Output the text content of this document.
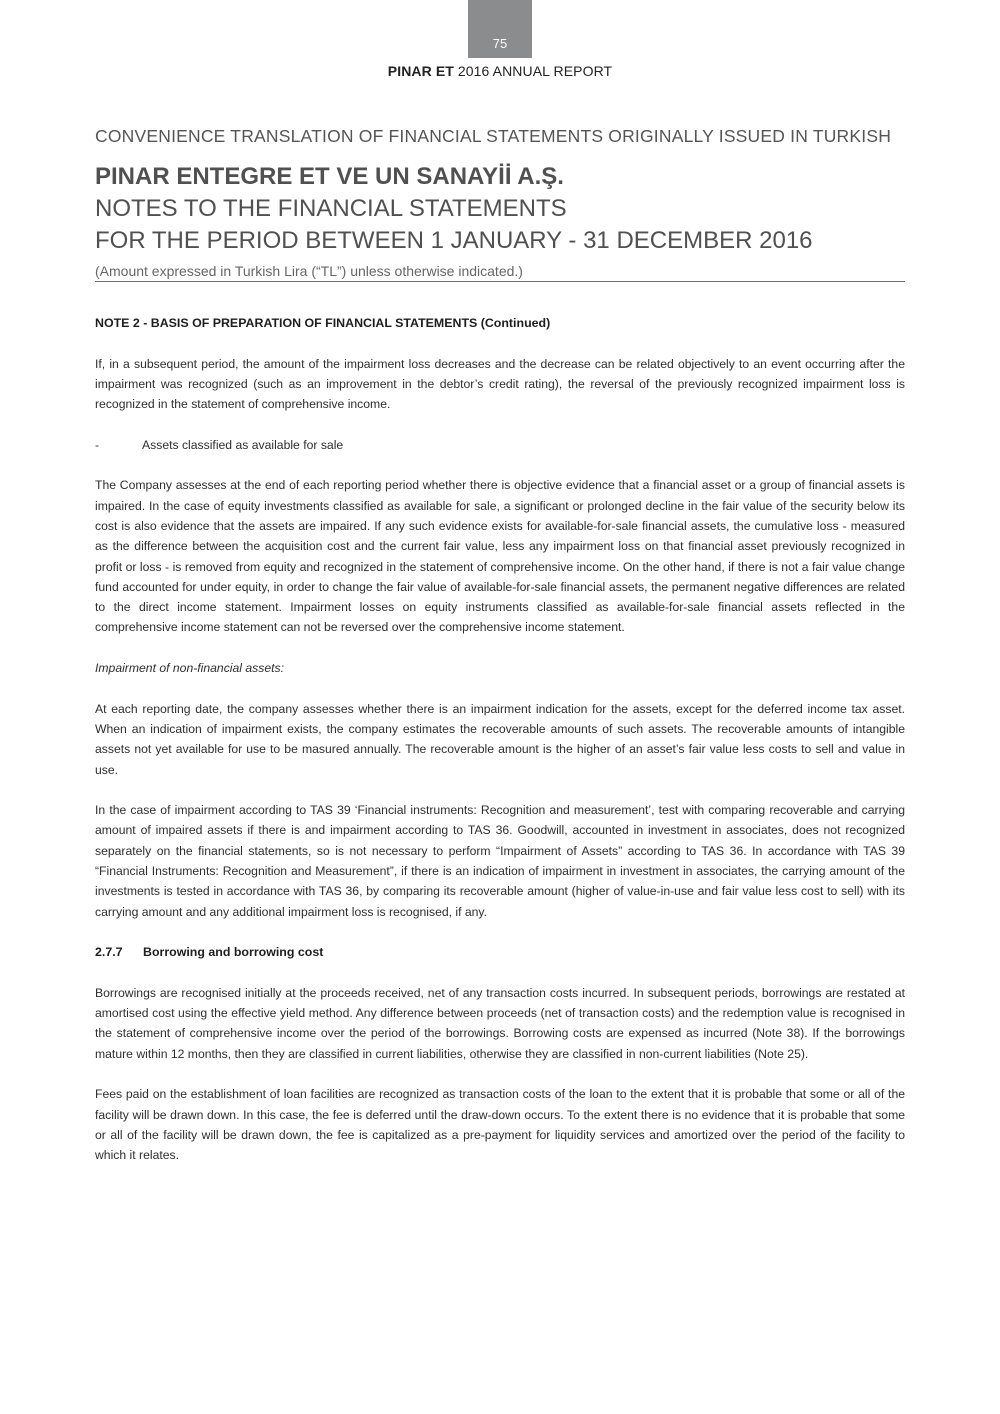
75
PINAR ET 2016 ANNUAL REPORT
CONVENIENCE TRANSLATION OF FINANCIAL STATEMENTS ORIGINALLY ISSUED IN TURKISH
PINAR ENTEGRE ET VE UN SANAYİİ A.Ş.
NOTES TO THE FINANCIAL STATEMENTS
FOR THE PERIOD BETWEEN 1 JANUARY - 31 DECEMBER 2016
(Amount expressed in Turkish Lira (“TL”) unless otherwise indicated.)

NOTE 2 - BASIS OF PREPARATION OF FINANCIAL STATEMENTS (Continued)

If, in a subsequent period, the amount of the impairment loss decreases and the decrease can be related objectively to an event occurring after the impairment was recognized (such as an improvement in the debtor’s credit rating), the reversal of the previously recognized impairment loss is recognized in the statement of comprehensive income.

-	Assets classified as available for sale

The Company assesses at the end of each reporting period whether there is objective evidence that a financial asset or a group of financial assets is impaired. In the case of equity investments classified as available for sale, a significant or prolonged decline in the fair value of the security below its cost is also evidence that the assets are impaired. If any such evidence exists for available-for-sale financial assets, the cumulative loss - measured as the difference between the acquisition cost and the current fair value, less any impairment loss on that financial asset previously recognized in profit or loss - is removed from equity and recognized in the statement of comprehensive income. On the other hand, if there is not a fair value change fund accounted for under equity, in order to change the fair value of available-for-sale financial assets, the permanent negative differences are related to the direct income statement. Impairment losses on equity instruments classified as available-for-sale financial assets reflected in the comprehensive income statement can not be reversed over the comprehensive income statement.

Impairment of non-financial assets:

At each reporting date, the company assesses whether there is an impairment indication for the assets, except for the deferred income tax asset. When an indication of impairment exists, the company estimates the recoverable amounts of such assets. The recoverable amounts of intangible assets not yet available for use to be masured annually. The recoverable amount is the higher of an asset’s fair value less costs to sell and value in use.

In the case of impairment according to TAS 39 ‘Financial instruments: Recognition and measurement’, test with comparing recoverable and carrying amount of impaired assets if there is and impairment according to TAS 36. Goodwill, accounted in investment in associates, does not recognized separately on the financial statements, so is not necessary to perform “Impairment of Assets” according to TAS 36. In accordance with TAS 39 “Financial Instruments: Recognition and Measurement”, if there is an indication of impairment in investment in associates, the carrying amount of the investments is tested in accordance with TAS 36, by comparing its recoverable amount (higher of value-in-use and fair value less cost to sell) with its carrying amount and any additional impairment loss is recognised, if any.

2.7.7 Borrowing and borrowing cost

Borrowings are recognised initially at the proceeds received, net of any transaction costs incurred. In subsequent periods, borrowings are restated at amortised cost using the effective yield method. Any difference between proceeds (net of transaction costs) and the redemption value is recognised in the statement of comprehensive income over the period of the borrowings. Borrowing costs are expensed as incurred (Note 38). If the borrowings mature within 12 months, then they are classified in current liabilities, otherwise they are classified in non-current liabilities (Note 25).

Fees paid on the establishment of loan facilities are recognized as transaction costs of the loan to the extent that it is probable that some or all of the facility will be drawn down. In this case, the fee is deferred until the draw-down occurs. To the extent there is no evidence that it is probable that some or all of the facility will be drawn down, the fee is capitalized as a pre-payment for liquidity services and amortized over the period of the facility to which it relates.
